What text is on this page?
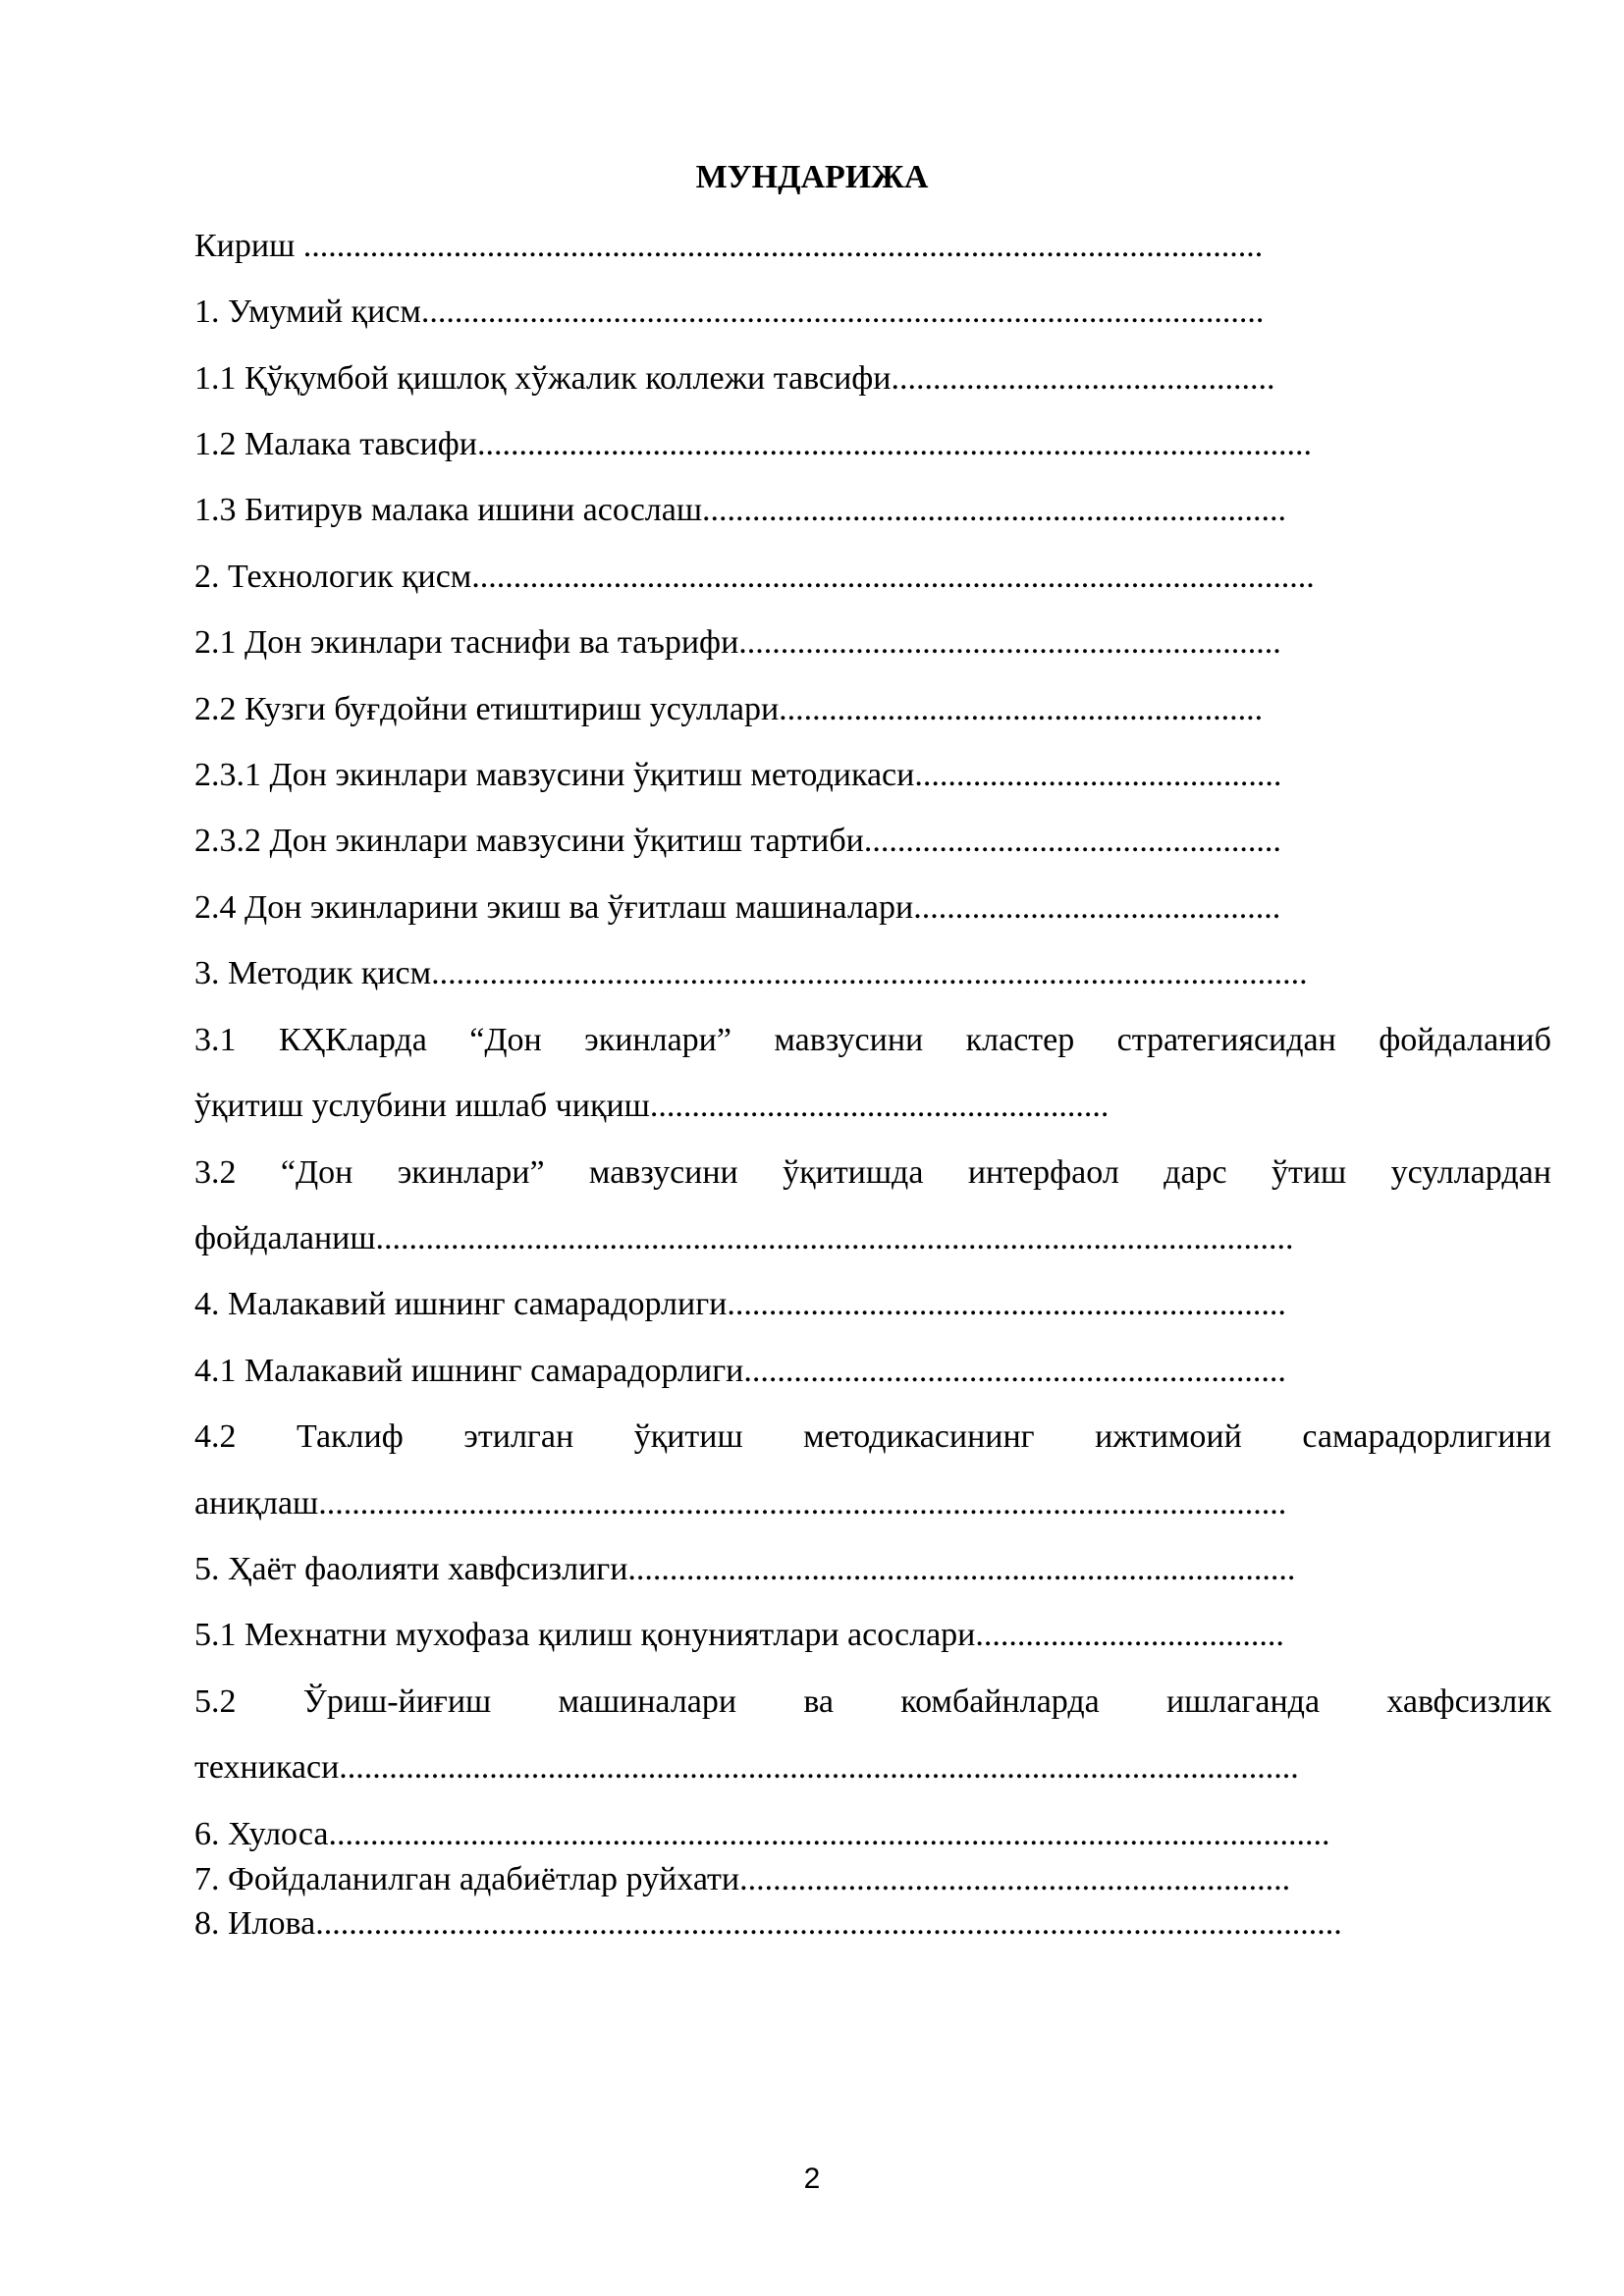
МУНДАРИЖА
Кириш ...................................................................................................................
1. Умумий қисм.....................................................................................................
1.1 Қўқумбой қишлоқ хўжалик коллежи тавсифи..............................................
1.2 Малака тавсифи....................................................................................................
1.3 Битирув малака ишини асослаш......................................................................
2. Технологик қисм.....................................................................................................
2.1 Дон экинлари таснифи ва таърифи.................................................................
2.2 Кузги буғдойни етиштириш усуллари..........................................................
2.3.1 Дон экинлари мавзусини ўқитиш методикаси............................................
2.3.2 Дон экинлари мавзусини ўқитиш тартиби..................................................
2.4 Дон экинларини экиш ва ўғитлаш машиналари............................................
3. Методик қисм.........................................................................................................
3.1 КҲКларда “Дон экинлари” мавзусини кластер стратегиясидан фойдаланиб
ўқитиш услубини ишлаб чиқиш.......................................................
3.2 “Дон экинлари” мавзусини ўқитишда интерфаол дарс ўтиш усуллардан
фойдаланиш..............................................................................................................
4. Малакавий ишнинг самарадорлиги...................................................................
4.1 Малакавий ишнинг самарадорлиги.................................................................
4.2 Таклиф этилган ўқитиш методикасининг ижтимоий самарадорлигини
аниқлаш....................................................................................................................
5. Ҳаёт фаолияти хавфсизлиги................................................................................
5.1 Мехнатни мухофаза қилиш қонуниятлари асослари.....................................
5.2 Ўриш-йиғиш машиналари ва комбайнларда ишлаганда хавфсизлик
техникаси...................................................................................................................
6. Хулоса........................................................................................................................
7. Фойдаланилган адабиётлар руйхати..................................................................
8. Илова...........................................................................................................................
2
